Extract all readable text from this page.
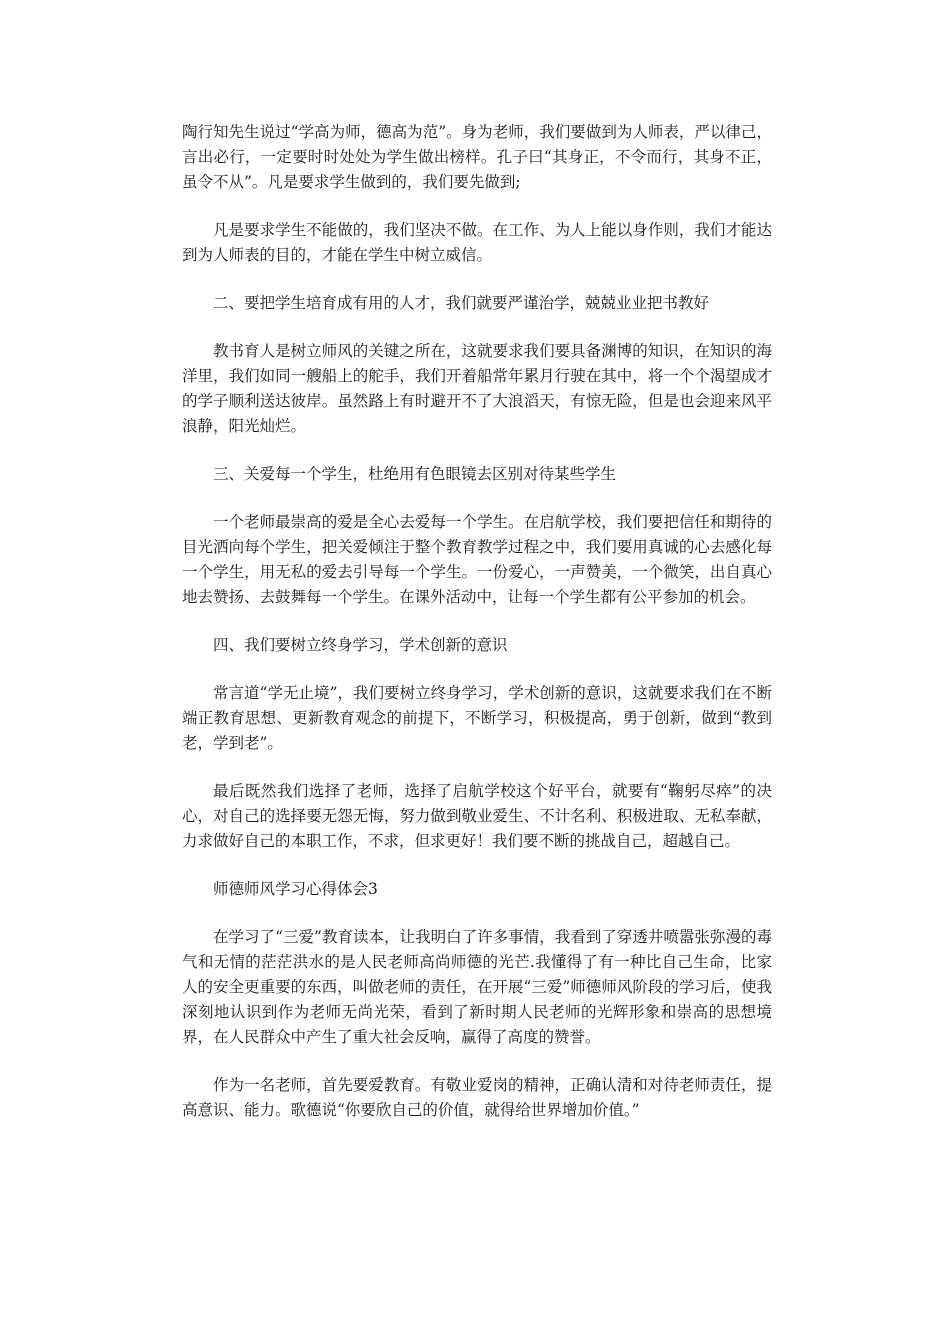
陶行知先生说过“学高为师，德高为范”。身为老师，我们要做到为人师表，严以律己，言出必行，一定要时时处处为学生做出榜样。孔子曰“其身正，不令而行，其身不正，虽令不从”。凡是要求学生做到的，我们要先做到;

凡是要求学生不能做的，我们坚决不做。在工作、为人上能以身作则，我们才能达到为人师表的目的，才能在学生中树立威信。

二、要把学生培育成有用的人才，我们就要严谨治学，兢兢业业把书教好

教书育人是树立师风的关键之所在，这就要求我们要具备渊博的知识，在知识的海洋里，我们如同一艘船上的舵手，我们开着船常年累月行驶在其中，将一个个渴望成才的学子顺利送达彼岸。虽然路上有时避开不了大浪滔天，有惊无险，但是也会迎来风平浪静，阳光灿烂。

三、关爱每一个学生，杜绝用有色眼镜去区别对待某些学生

一个老师最崇高的爱是全心去爱每一个学生。在启航学校，我们要把信任和期待的目光洒向每个学生，把关爱倾注于整个教育教学过程之中，我们要用真诚的心去感化每一个学生，用无私的爱去引导每一个学生。一份爱心，一声赞美，一个微笑，出自真心地去赞扬、去鼓舞每一个学生。在课外活动中，让每一个学生都有公平参加的机会。

四、我们要树立终身学习，学术创新的意识

常言道“学无止境”，我们要树立终身学习，学术创新的意识，这就要求我们在不断端正教育思想、更新教育观念的前提下，不断学习，积极提高，勇于创新，做到“教到老，学到老”。

最后既然我们选择了老师，选择了启航学校这个好平台，就要有“鞠躬尽瘁”的决心，对自己的选择要无怨无悔，努力做到敬业爱生、不计名利、积极进取、无私奉献，力求做好自己的本职工作，不求，但求更好！我们要不断的挑战自己，超越自己。

师德师风学习心得体会3

在学习了“三爱”教育读本，让我明白了许多事情，我看到了穿透井喷嚣张弥漫的毒气和无情的茫茫洪水的是人民老师高尚师德的光芒.我懂得了有一种比自己生命，比家人的安全更重要的东西，叫做老师的责任，在开展“三爱”师德师风阶段的学习后，使我深刻地认识到作为老师无尚光荣，看到了新时期人民老师的光辉形象和崇高的思想境界，在人民群众中产生了重大社会反响，赢得了高度的赞誉。

作为一名老师，首先要爱教育。有敬业爱岗的精神，正确认清和对待老师责任，提高意识、能力。歌德说“你要欣自己的价值，就得给世界增加价值。”
